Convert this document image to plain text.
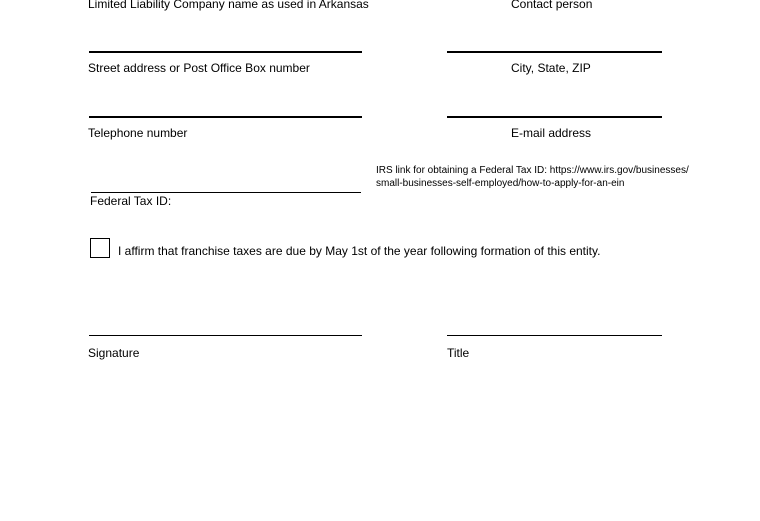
Limited Liability Company name as used in Arkansas	Contact person
Street address or Post Office Box number	City, State, ZIP
Telephone number	E-mail address
IRS link for obtaining a Federal Tax ID: https://www.irs.gov/businesses/
small-businesses-self-employed/how-to-apply-for-an-ein
Federal Tax ID:
I affirm that franchise taxes are due by May 1st of the year following formation of this entity.
Signature	Title
